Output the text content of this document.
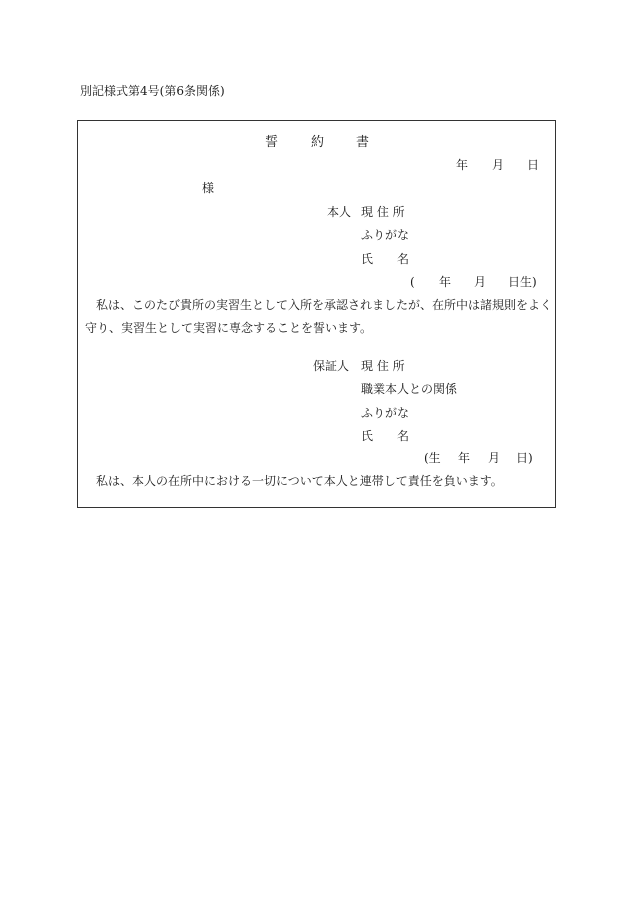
別記様式第4号(第6条関係)
誓	約 書
年 月 日
様
本人 現 住 所
ふりがな
氏　　名
( 年 月 日生)
私は、このたび貴所の実習生として入所を承認されましたが、在所中は諸規則をよく
守り、実習生として実習に専念することを誓います。
保証人 現 住 所
職業本人との関係
ふりがな
氏　　名
(生 年 月 日)
私は、本人の在所中における一切について本人と連帯して責任を負います。
